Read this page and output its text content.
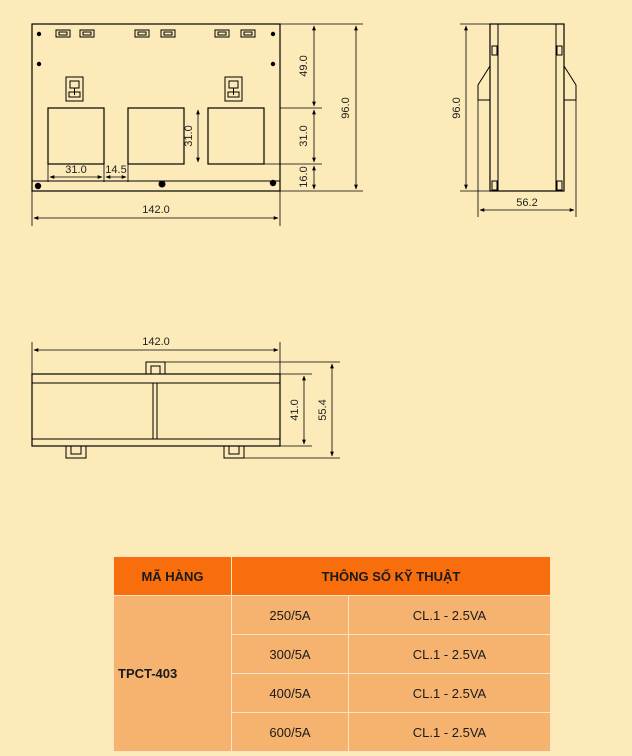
49.0
96.0
31.0	31.0
16.0
31.0 14.5
142.0
96.0
56.2
142.0
41.0 55.4
MÃ HÀNG	THÔNG SỐ KỸ THUẬT	
TPCT-403	250/5A	CL.1 - 2.5VA
	300/5A	CL.1 - 2.5VA
	400/5A	CL.1 - 2.5VA
	600/5A	CL.1 - 2.5VA
